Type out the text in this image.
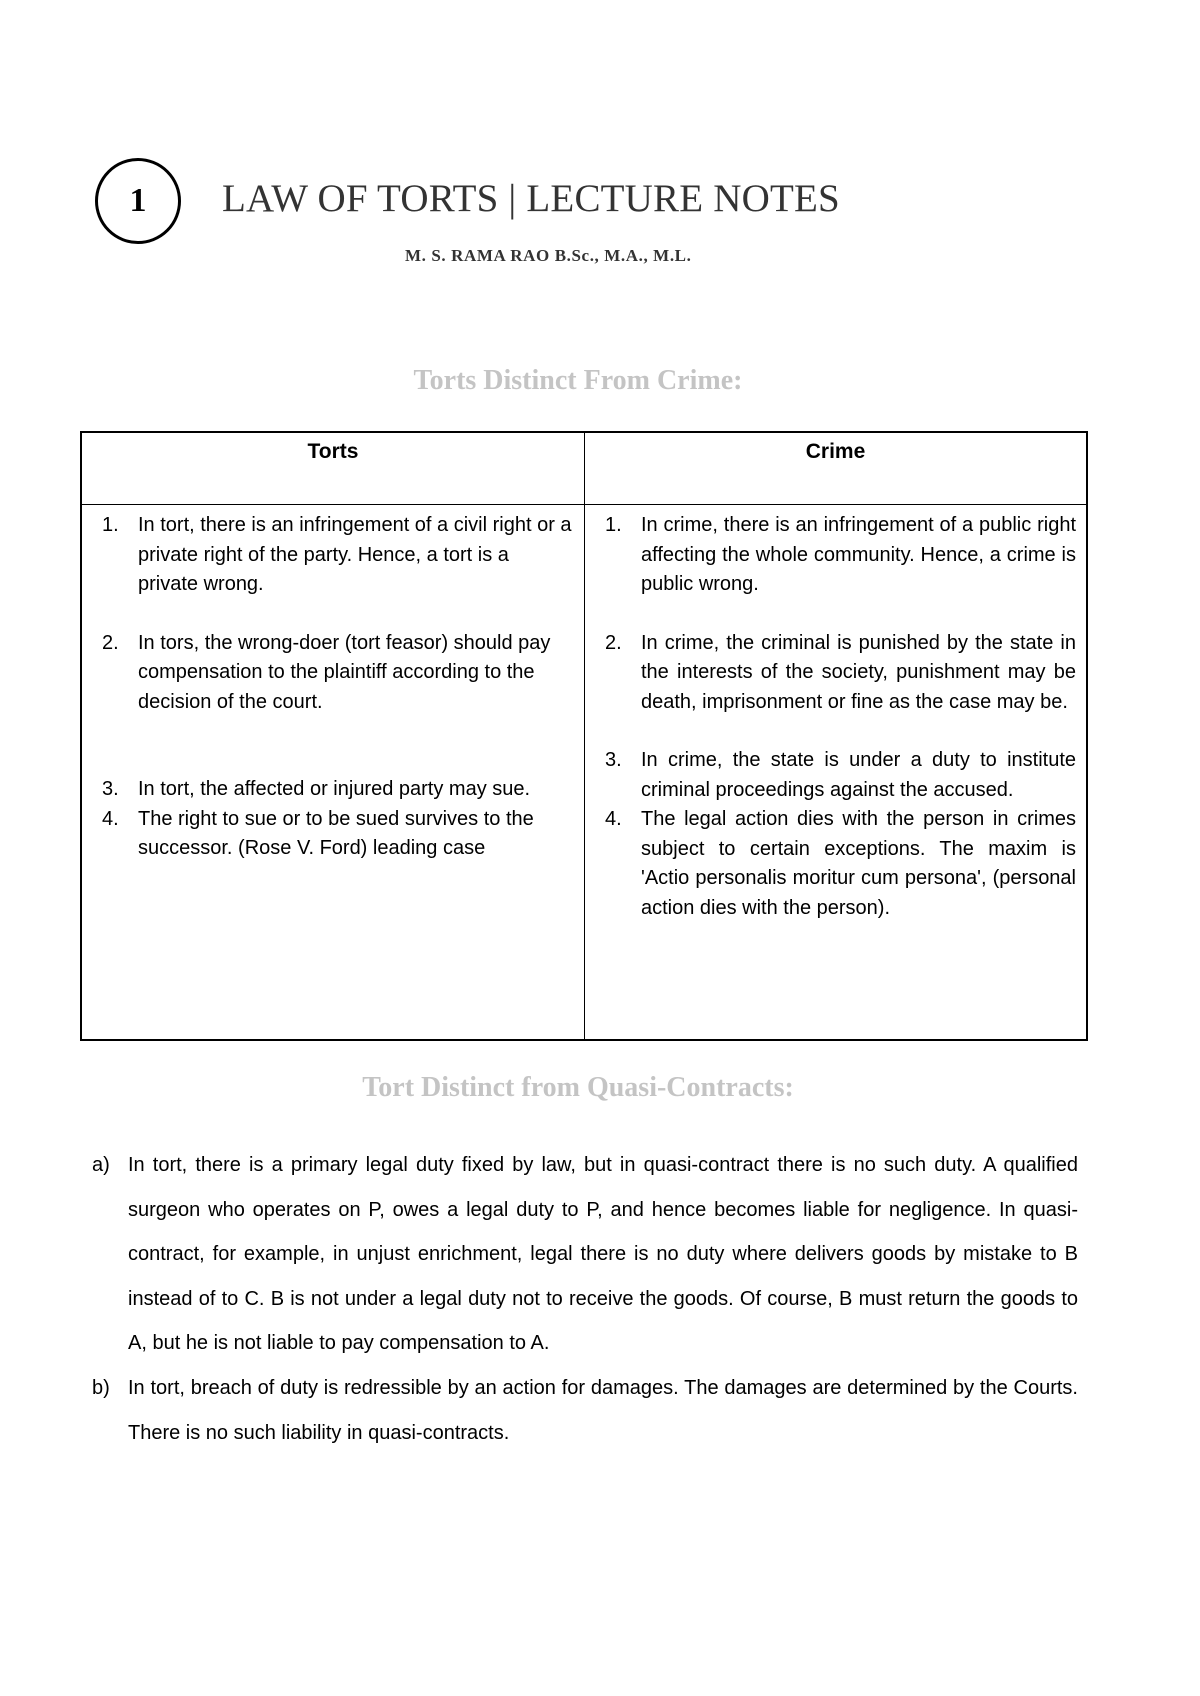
1 LAW OF TORTS | LECTURE NOTES

M. S. RAMA RAO B.Sc., M.A., M.L.

Torts Distinct From Crime:
Torts	Crime
1. In tort, there is an infringement of a civil right or a private right of the party. Hence, a tort is a private wrong.
2. In tors, the wrong-doer (tort feasor) should pay compensation to the plaintiff according to the decision of the court.
3. In tort, the affected or injured party may sue.
4. The right to sue or to be sued survives to the successor. (Rose V. Ford) leading case
1. In crime, there is an infringement of a public right affecting the whole community. Hence, a crime is public wrong.
2. In crime, the criminal is punished by the state in the interests of the society, punishment may be death, imprisonment or fine as the case may be.
3. In crime, the state is under a duty to institute criminal proceedings against the accused.
4. The legal action dies with the person in crimes subject to certain exceptions. The maxim is 'Actio personalis moritur cum persona', (personal action dies with the person).
Tort Distinct from Quasi-Contracts:
a) In tort, there is a primary legal duty fixed by law, but in quasi-contract there is no such duty. A qualified surgeon who operates on P, owes a legal duty to P, and hence becomes liable for negligence. In quasi-contract, for example, in unjust enrichment, legal there is no duty where delivers goods by mistake to B instead of to C. B is not under a legal duty not to receive the goods. Of course, B must return the goods to A, but he is not liable to pay compensation to A.
b) In tort, breach of duty is redressible by an action for damages. The damages are determined by the Courts. There is no such liability in quasi-contracts.
